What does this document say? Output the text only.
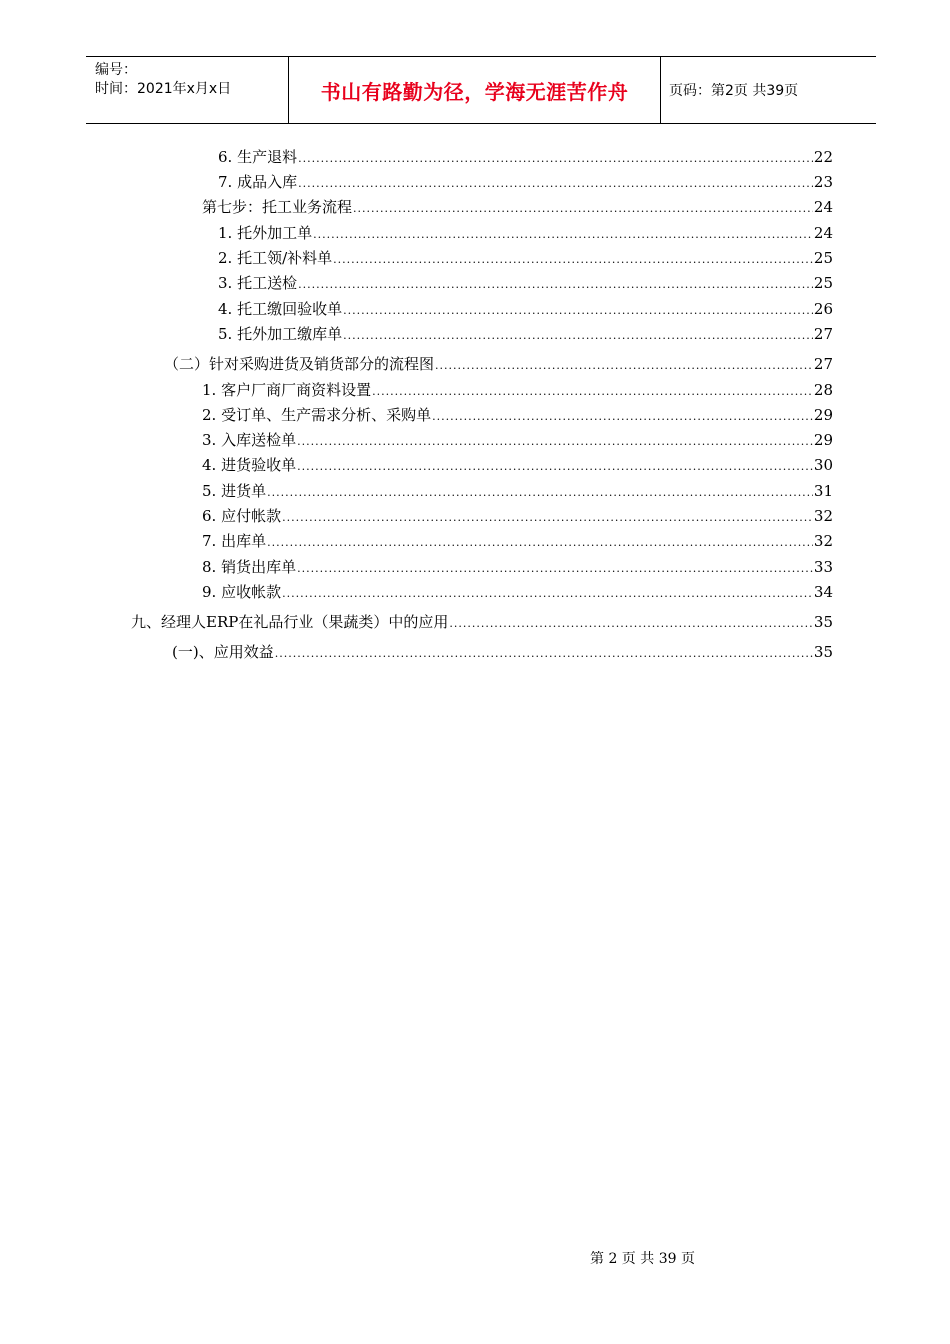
编号：
时间：2021年x月x日	书山有路勤为径，学海无涯苦作舟	页码：第2页 共39页
6. 生产退料 .....	22
7. 成品入库 .....	23
第七步：托工业务流程 .....	24
1. 托外加工单 .....	24
2. 托工领/补料单 .....	25
3. 托工送检 .....	25
4. 托工缴回验收单 .....	26
5. 托外加工缴库单 .....	27
（二）针对采购进货及销货部分的流程图 .....	27
1. 客户厂商厂商资料设置 .....	28
2. 受订单、生产需求分析、采购单 .....	29
3. 入库送检单 .....	29
4. 进货验收单 .....	30
5. 进货单 .....	31
6. 应付帐款 .....	32
7. 出库单 .....	32
8. 销货出库单 .....	33
9. 应收帐款 .....	34
九、经理人ERP在礼品行业（果蔬类）中的应用 .....	35
(一)、应用效益 .....	35
第 2 页 共 39 页
